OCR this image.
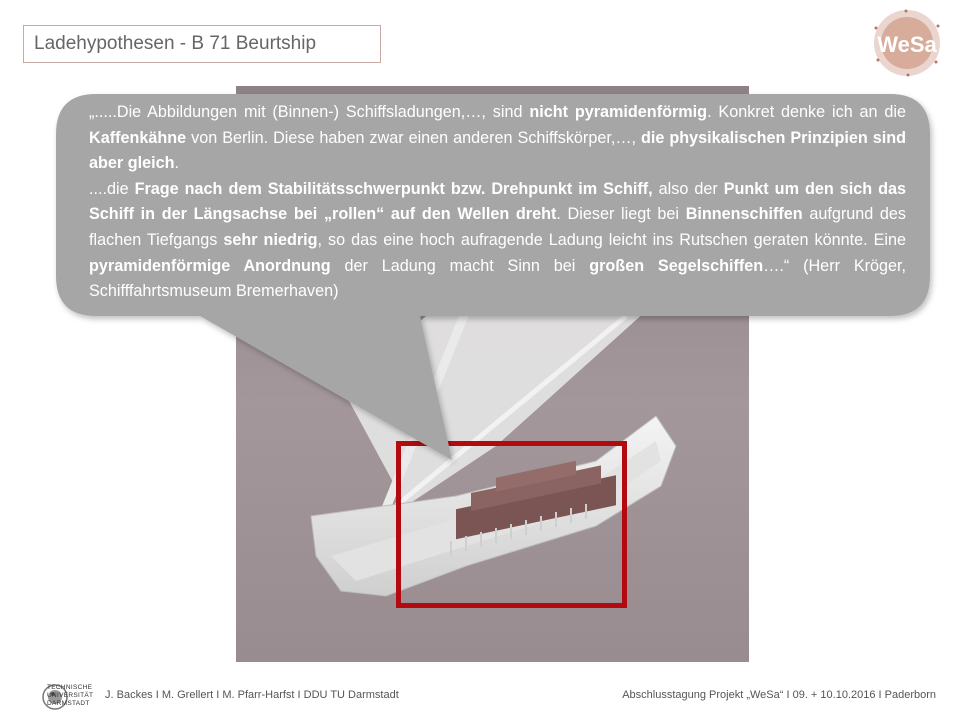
Ladehypothesen - B 71 Beurtship	WeSa
„.....Die Abbildungen mit (Binnen-) Schiffsladungen,…, sind nicht pyramidenförmig. Konkret denke ich an die Kaffenkähne von Berlin. Diese haben zwar einen anderen Schiffskörper,…, die physikalischen Prinzipien sind aber gleich.
....die Frage nach dem Stabilitätsschwerpunkt bzw. Drehpunkt im Schiff, also der Punkt um den sich das Schiff in der Längsachse bei „rollen“ auf den Wellen dreht. Dieser liegt bei Binnenschiffen aufgrund des flachen Tiefgangs sehr niedrig, so das eine hoch aufragende Ladung leicht ins Rutschen geraten könnte. Eine pyramidenförmige Anordnung der Ladung macht Sinn bei großen Segelschiffen….“ (Herr Kröger, Schifffahrtsmuseum Bremerhaven)
TECHNISCHE
UNIVERSITÄT
DARMSTADT
J. Backes I M. Grellert I M. Pfarr-Harfst I DDU TU Darmstadt	Abschlusstagung Projekt „WeSa“ I 09. + 10.10.2016 I Paderborn
